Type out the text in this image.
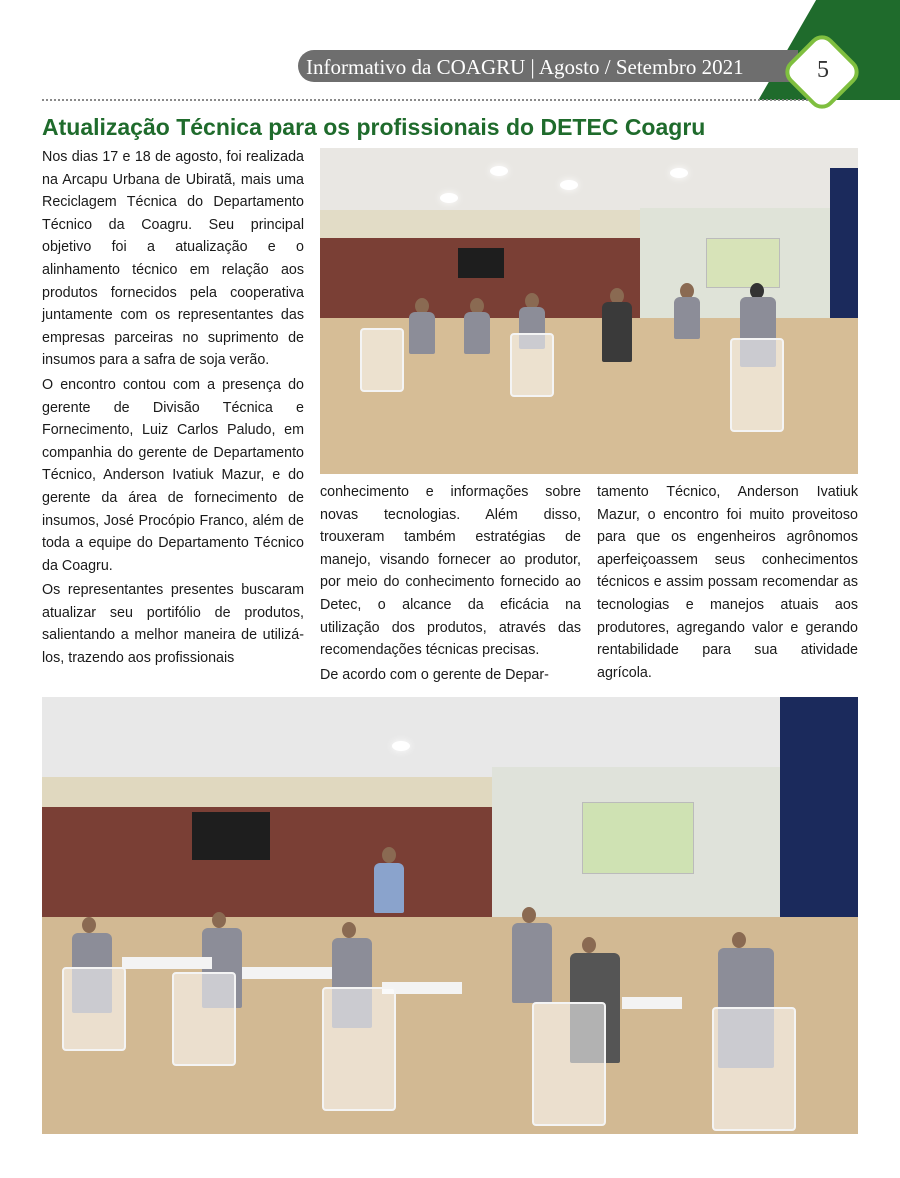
Informativo da COAGRU | Agosto / Setembro 2021	5
Atualização Técnica para os profissionais do DETEC Coagru

Nos dias 17 e 18 de agosto, foi realizada na Arcapu Urbana de Ubiratã, mais uma Reciclagem Técnica do Departamento Técnico da Coagru. Seu principal objetivo foi a atualização e o alinhamento técnico em relação aos produtos fornecidos pela cooperativa juntamente com os representantes das empresas parceiras no suprimento de insumos para a safra de soja verão.

O encontro contou com a presença do gerente de Divisão Técnica e Fornecimento, Luiz Carlos Paludo, em companhia do gerente de Departamento Técnico, Anderson Ivatiuk Mazur, e do gerente da área de fornecimento de insumos, José Procópio Franco, além de toda a equipe do Departamento Técnico da Coagru.

Os representantes presentes buscaram atualizar seu portifólio de produtos, salientando a melhor maneira de utilizá-los, trazendo aos profissionais

conhecimento e informações sobre novas tecnologias. Além disso, trouxeram também estratégias de manejo, visando fornecer ao produtor, por meio do conhecimento fornecido ao Detec, o alcance da eficácia na utilização dos produtos, através das recomendações técnicas precisas.

De acordo com o gerente de Depar-

tamento Técnico, Anderson Ivatiuk Mazur, o encontro foi muito proveitoso para que os engenheiros agrônomos aperfeiçoassem seus conhecimentos técnicos e assim possam recomendar as tecnologias e manejos atuais aos produtores, agregando valor e gerando rentabilidade para sua atividade agrícola.
